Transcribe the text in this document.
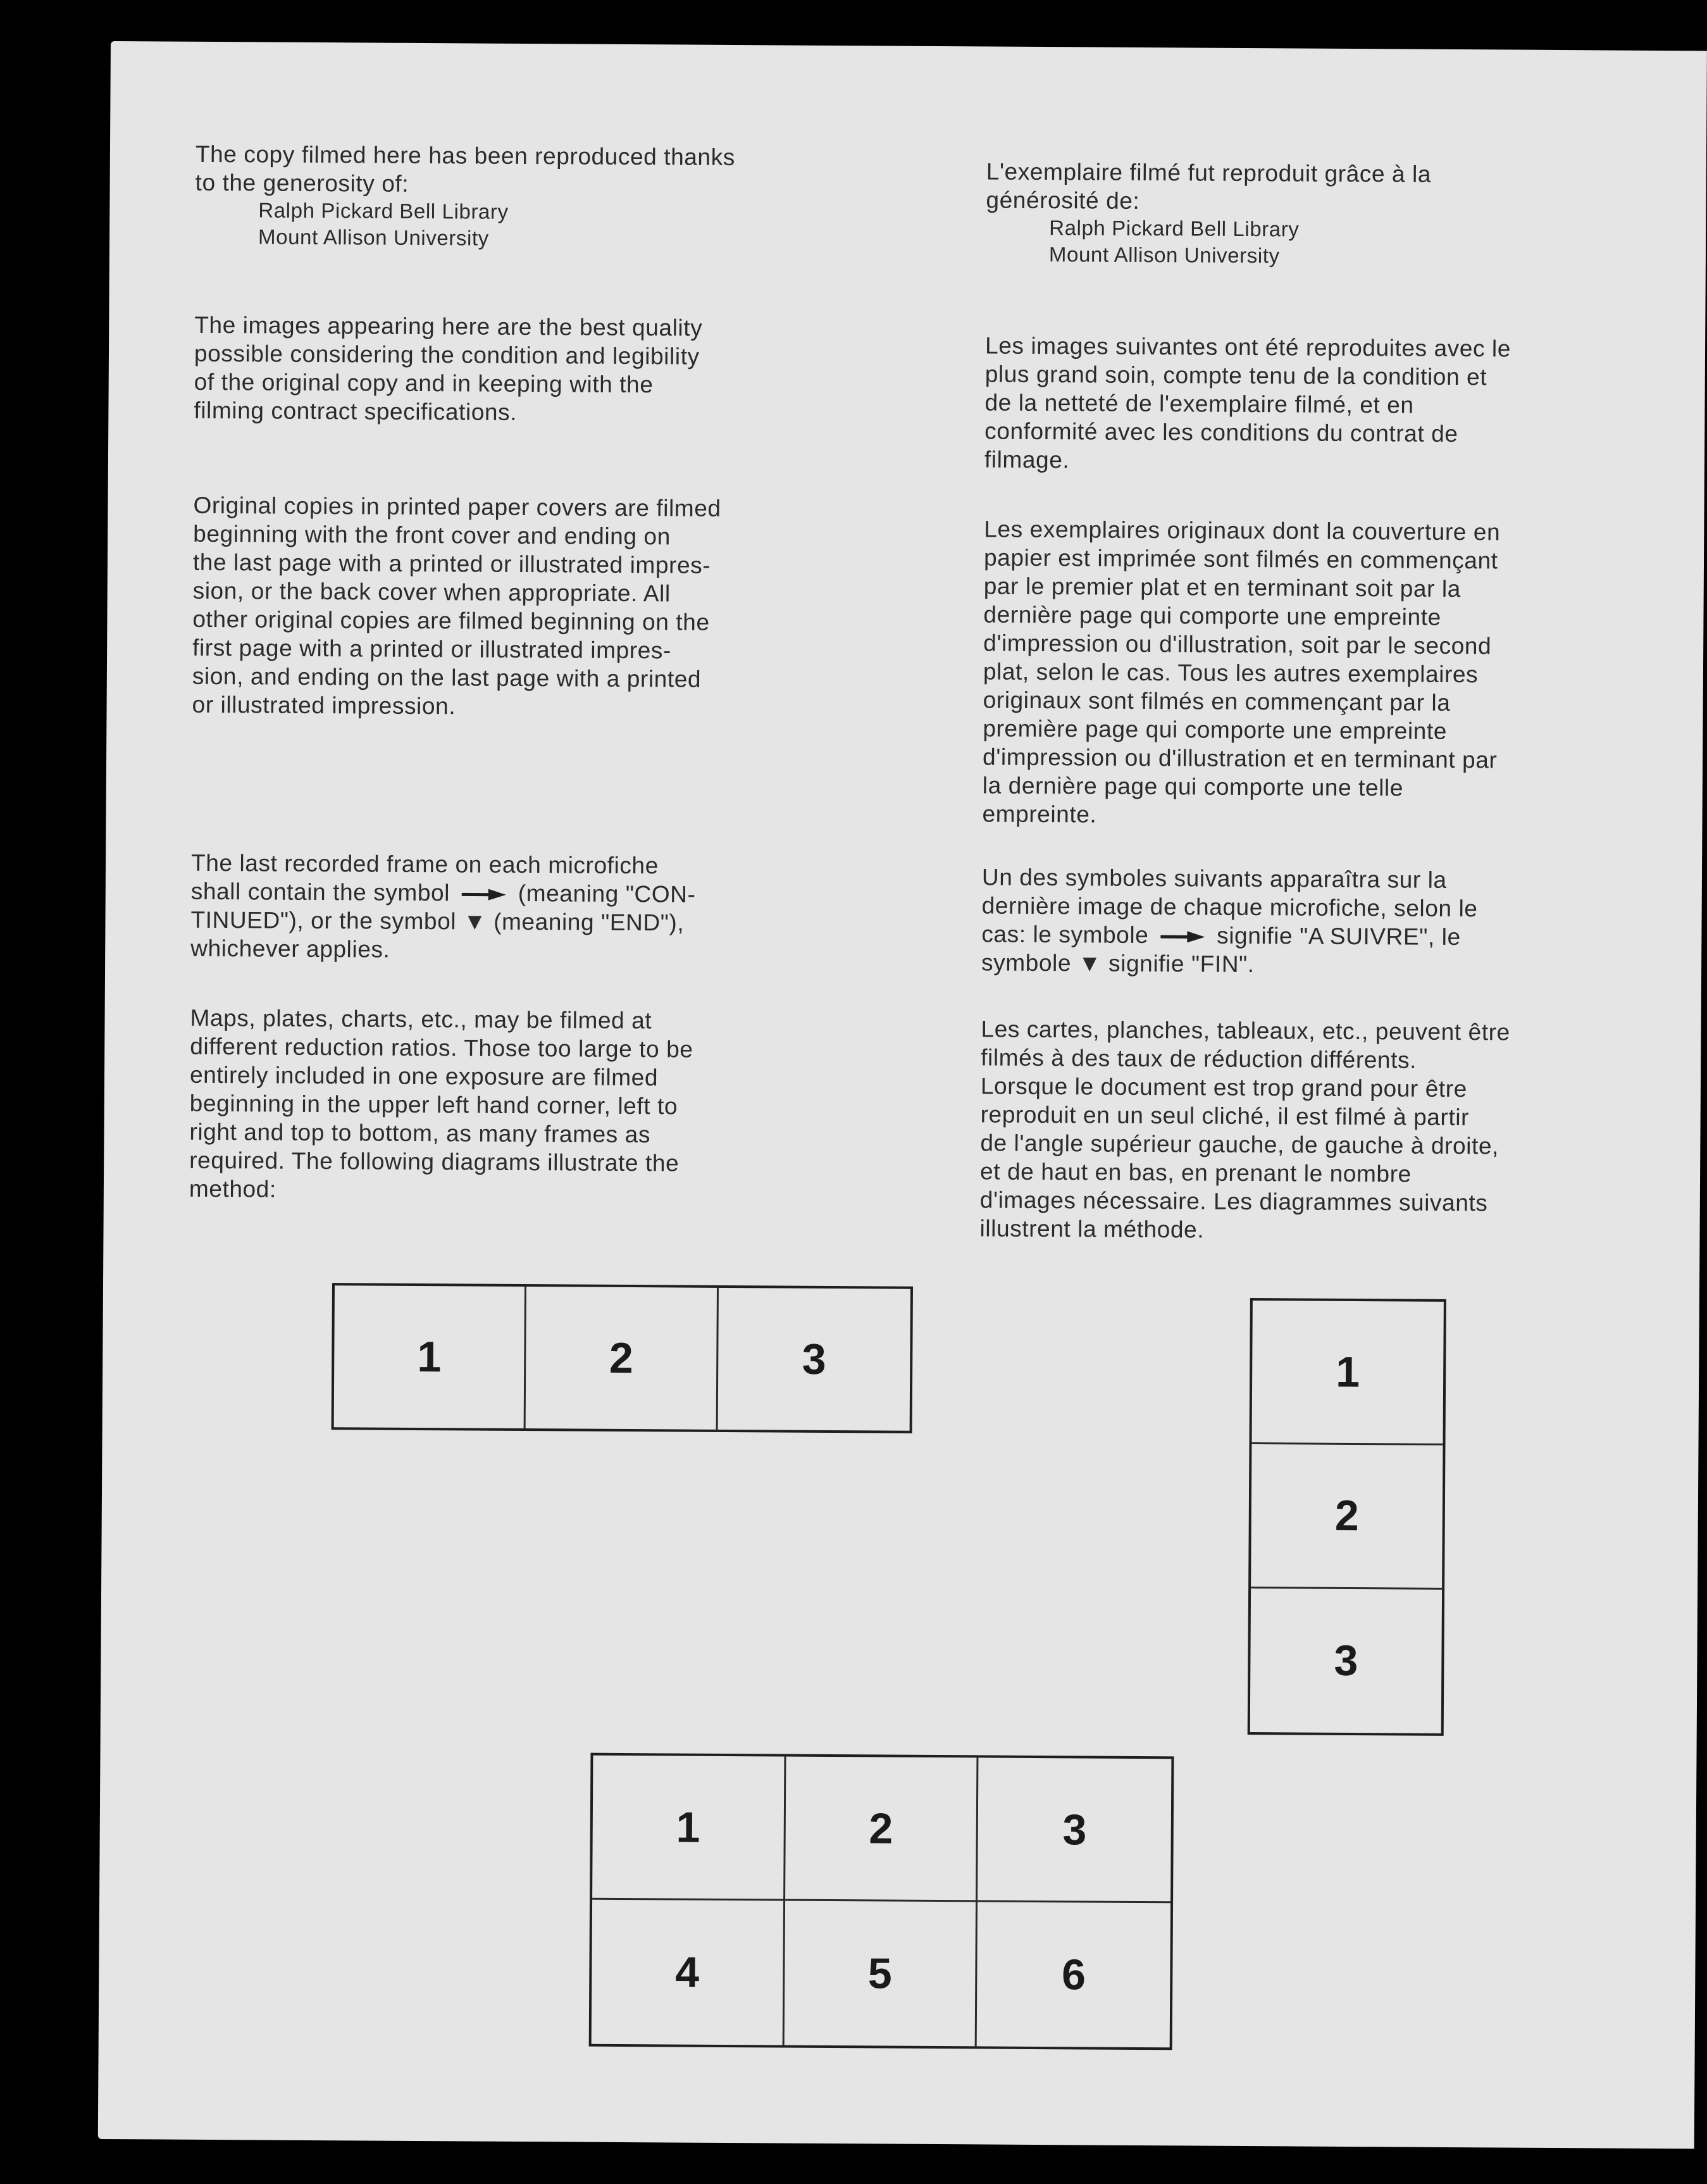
The copy filmed here has been reproduced thanks
to the generosity of:
Ralph Pickard Bell Library
Mount Allison University

The images appearing here are the best quality
possible considering the condition and legibility
of the original copy and in keeping with the
filming contract specifications.

Original copies in printed paper covers are filmed
beginning with the front cover and ending on
the last page with a printed or illustrated impres-
sion, or the back cover when appropriate. All
other original copies are filmed beginning on the
first page with a printed or illustrated impres-
sion, and ending on the last page with a printed
or illustrated impression.

The last recorded frame on each microfiche
shall contain the symbol	(meaning "CON-
TINUED"), or the symbol ▼ (meaning "END"),
whichever applies.

Maps, plates, charts, etc., may be filmed at
different reduction ratios. Those too large to be
entirely included in one exposure are filmed
beginning in the upper left hand corner, left to
right and top to bottom, as many frames as
required. The following diagrams illustrate the
method:

L'exemplaire filmé fut reproduit grâce à la
générosité de:
Ralph Pickard Bell Library
Mount Allison University

Les images suivantes ont été reproduites avec le
plus grand soin, compte tenu de la condition et
de la netteté de l'exemplaire filmé, et en
conformité avec les conditions du contrat de
filmage.

Les exemplaires originaux dont la couverture en
papier est imprimée sont filmés en commençant
par le premier plat et en terminant soit par la
dernière page qui comporte une empreinte
d'impression ou d'illustration, soit par le second
plat, selon le cas. Tous les autres exemplaires
originaux sont filmés en commençant par la
première page qui comporte une empreinte
d'impression ou d'illustration et en terminant par
la dernière page qui comporte une telle
empreinte.

Un des symboles suivants apparaîtra sur la
dernière image de chaque microfiche, selon le
cas: le symbole	signifie "A SUIVRE", le
symbole ▼ signifie "FIN".

Les cartes, planches, tableaux, etc., peuvent être
filmés à des taux de réduction différents.
Lorsque le document est trop grand pour être
reproduit en un seul cliché, il est filmé à partir
de l'angle supérieur gauche, de gauche à droite,
et de haut en bas, en prenant le nombre
d'images nécessaire. Les diagrammes suivants
illustrent la méthode.

1	2	3	1
2
3
1	2	3
4	5	6
